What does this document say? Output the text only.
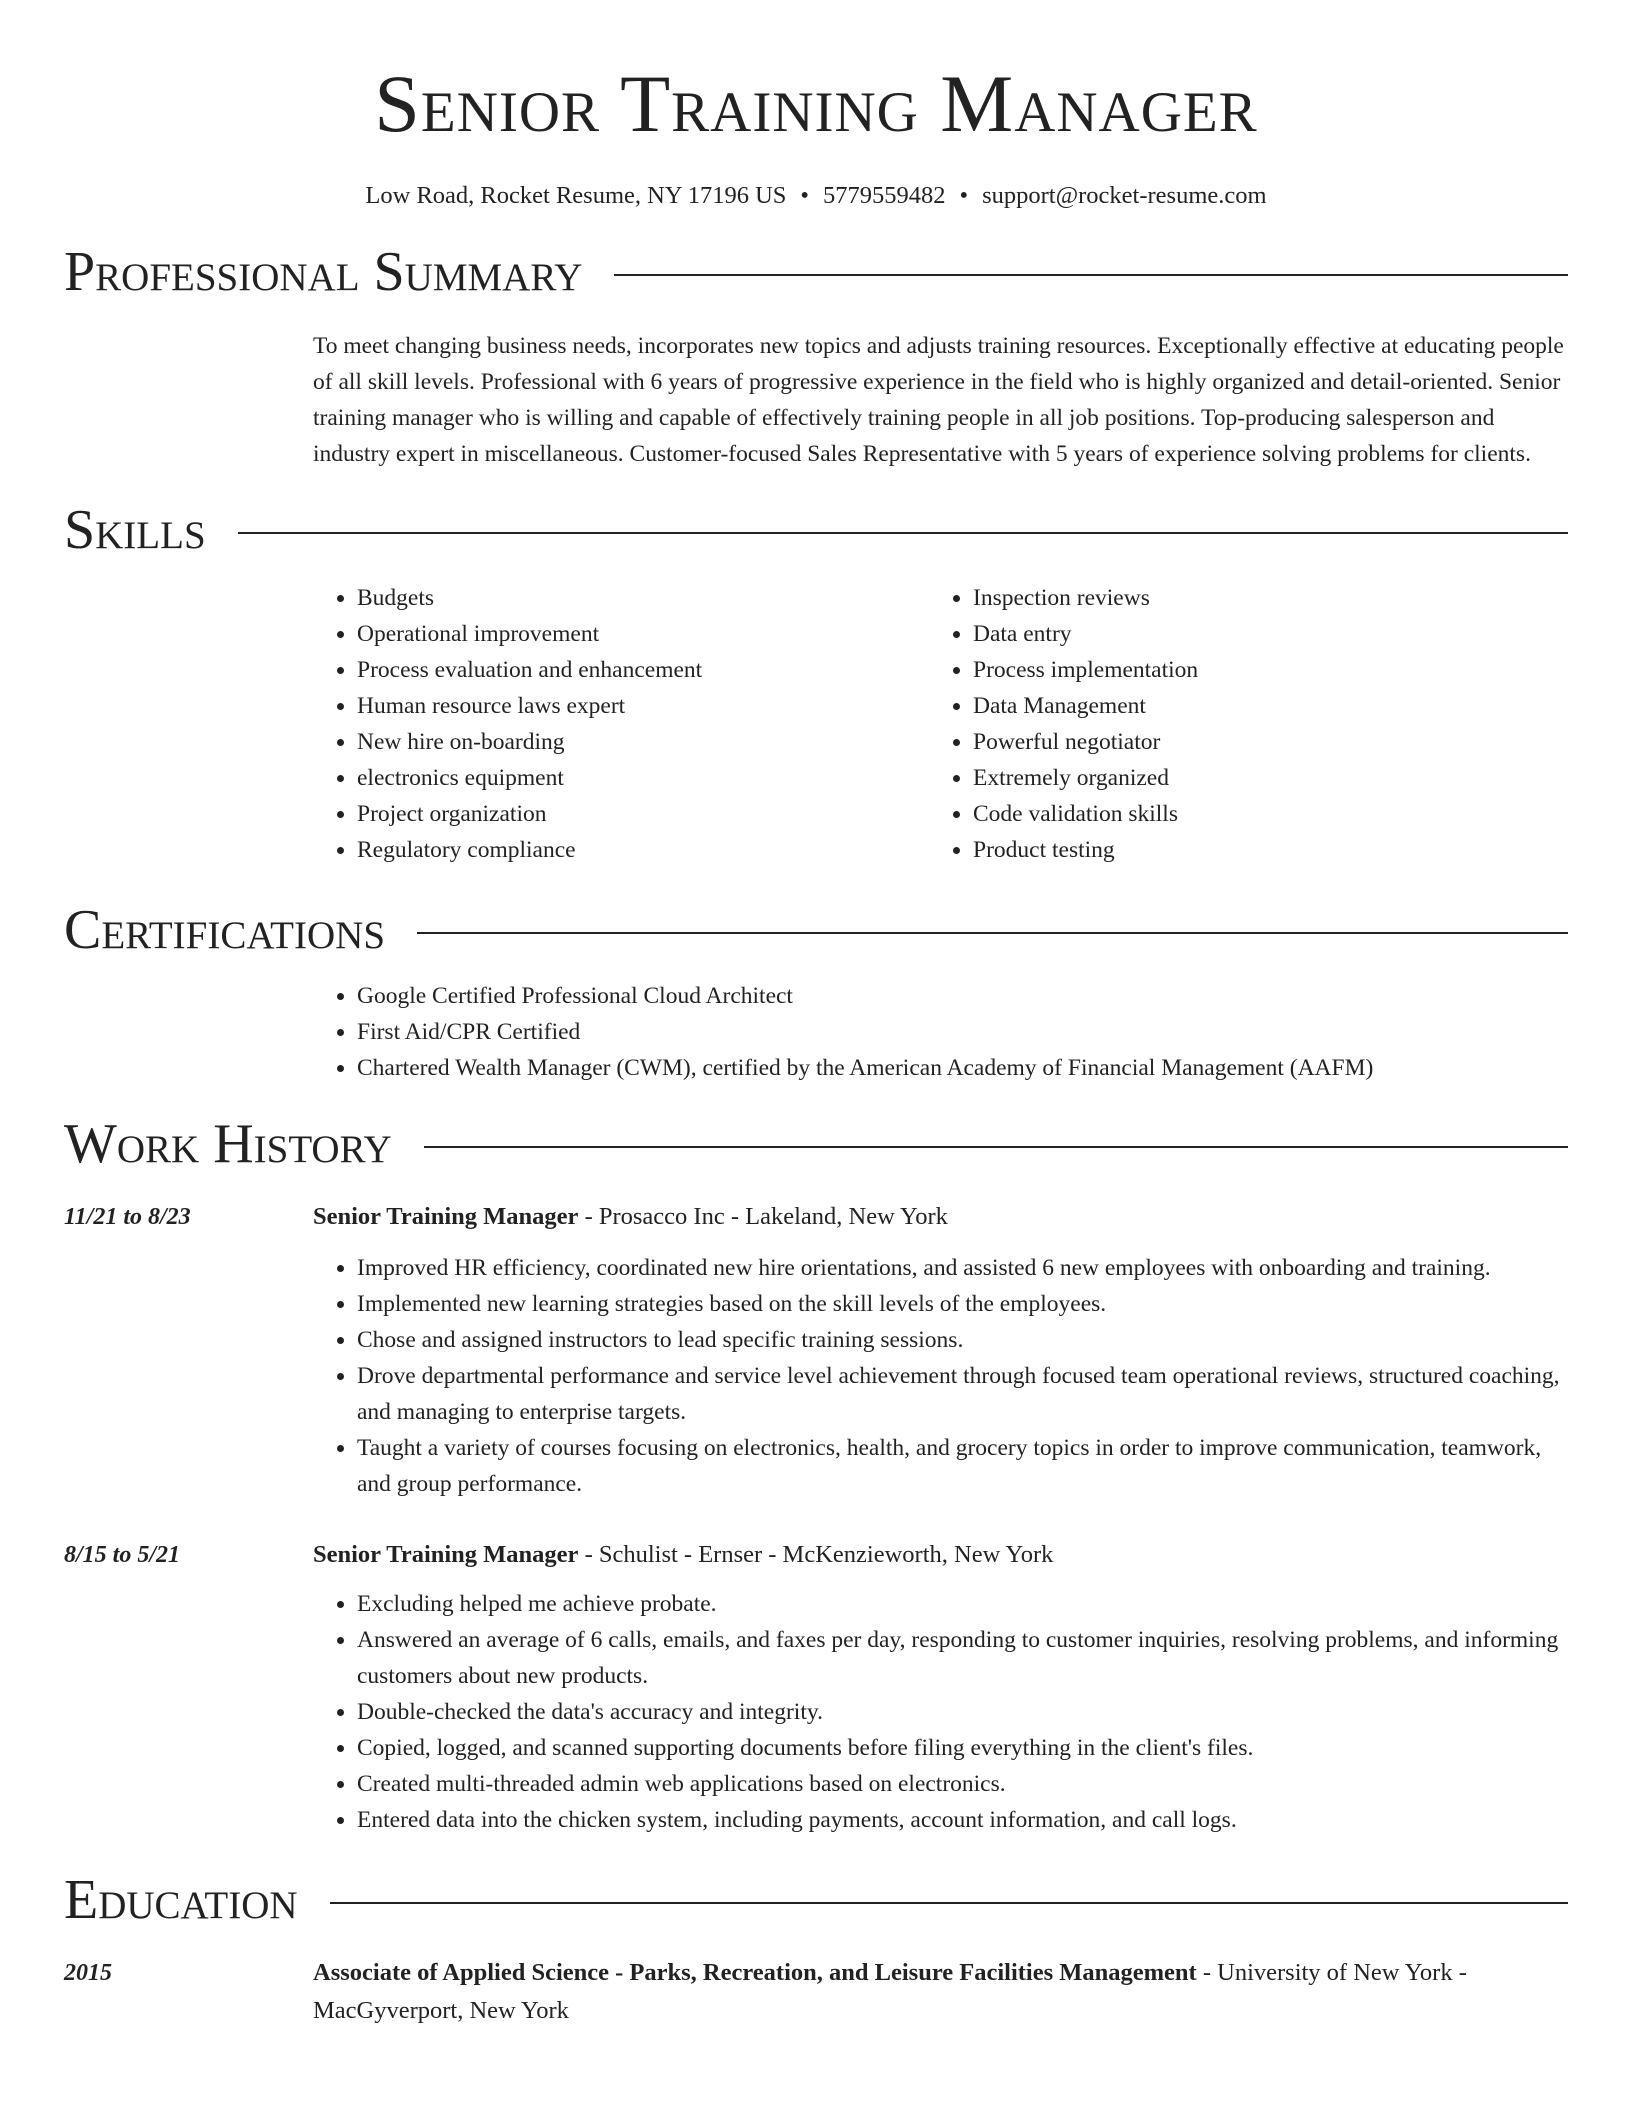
Senior Training Manager
Low Road, Rocket Resume, NY 17196 US • 5779559482 • support@rocket-resume.com
Professional Summary
To meet changing business needs, incorporates new topics and adjusts training resources. Exceptionally effective at educating people of all skill levels. Professional with 6 years of progressive experience in the field who is highly organized and detail-oriented. Senior training manager who is willing and capable of effectively training people in all job positions. Top-producing salesperson and industry expert in miscellaneous. Customer-focused Sales Representative with 5 years of experience solving problems for clients.
Skills
• Budgets
• Operational improvement
• Process evaluation and enhancement
• Human resource laws expert
• New hire on-boarding
• electronics equipment
• Project organization
• Regulatory compliance
• Inspection reviews
• Data entry
• Process implementation
• Data Management
• Powerful negotiator
• Extremely organized
• Code validation skills
• Product testing
Certifications
• Google Certified Professional Cloud Architect
• First Aid/CPR Certified
• Chartered Wealth Manager (CWM), certified by the American Academy of Financial Management (AAFM)
Work History
11/21 to 8/23	Senior Training Manager - Prosacco Inc - Lakeland, New York
• Improved HR efficiency, coordinated new hire orientations, and assisted 6 new employees with onboarding and training.
• Implemented new learning strategies based on the skill levels of the employees.
• Chose and assigned instructors to lead specific training sessions.
• Drove departmental performance and service level achievement through focused team operational reviews, structured coaching, and managing to enterprise targets.
• Taught a variety of courses focusing on electronics, health, and grocery topics in order to improve communication, teamwork, and group performance.
8/15 to 5/21	Senior Training Manager - Schulist - Ernser - McKenzieworth, New York
• Excluding helped me achieve probate.
• Answered an average of 6 calls, emails, and faxes per day, responding to customer inquiries, resolving problems, and informing customers about new products.
• Double-checked the data's accuracy and integrity.
• Copied, logged, and scanned supporting documents before filing everything in the client's files.
• Created multi-threaded admin web applications based on electronics.
• Entered data into the chicken system, including payments, account information, and call logs.
Education
2015	Associate of Applied Science - Parks, Recreation, and Leisure Facilities Management - University of New York - MacGyverport, New York
